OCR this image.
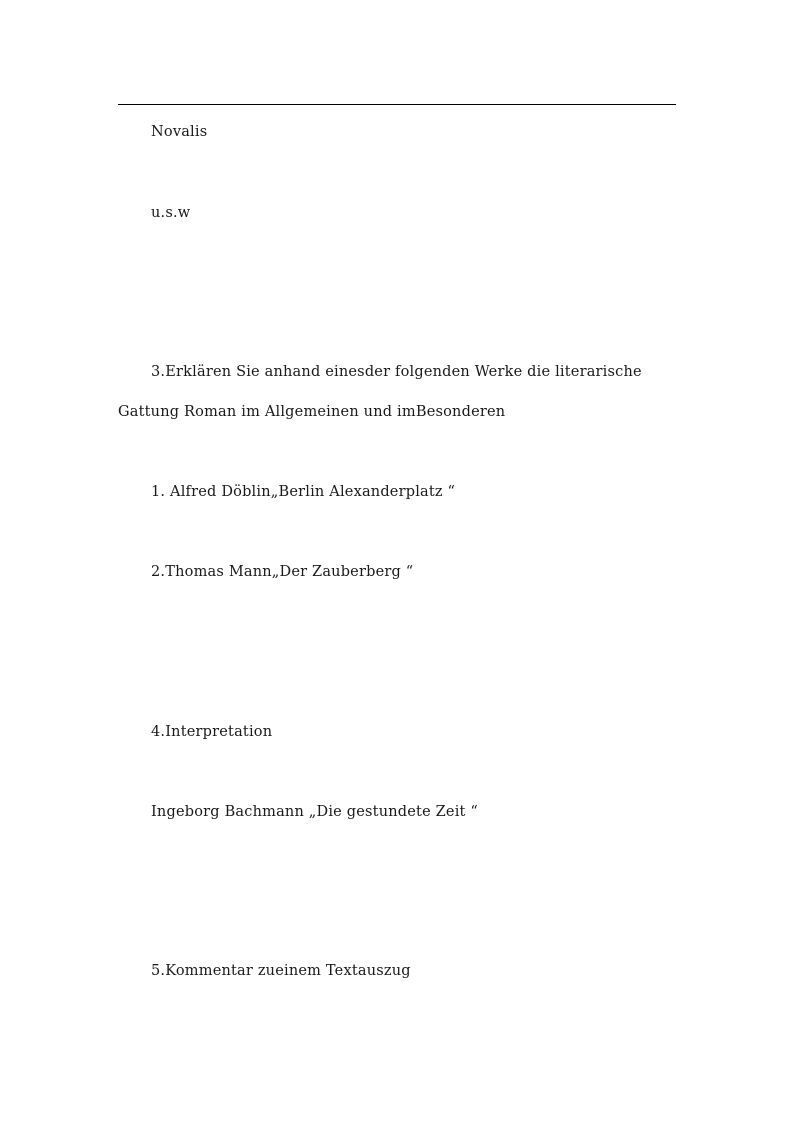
Novalis
u.s.w
3.Erklären Sie anhand einesder folgenden Werke die literarische
Gattung Roman im Allgemeinen und imBesonderen
1. Alfred Döblin„Berlin Alexanderplatz “
2.Thomas Mann„Der Zauberberg “
4.Interpretation
Ingeborg Bachmann „Die gestundete Zeit “
5.Kommentar zueinem Textauszug
